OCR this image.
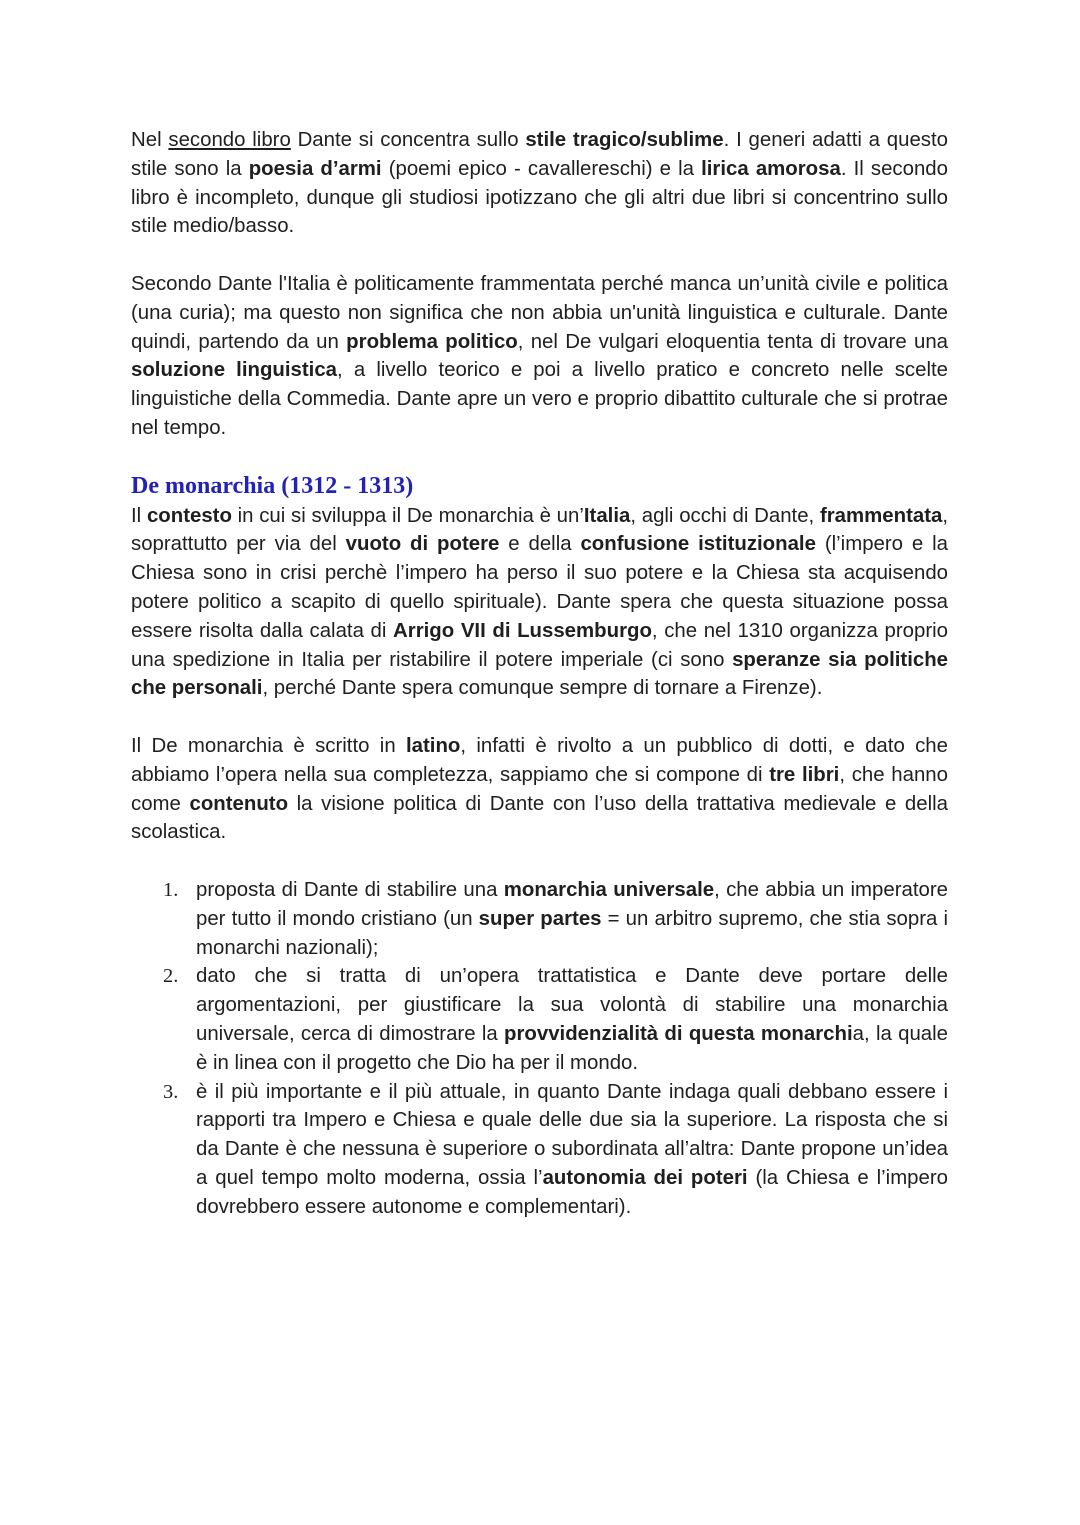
Nel secondo libro Dante si concentra sullo stile tragico/sublime. I generi adatti a questo stile sono la poesia d’armi (poemi epico - cavallereschi) e la lirica amorosa. Il secondo libro è incompleto, dunque gli studiosi ipotizzano che gli altri due libri si concentrino sullo stile medio/basso.

Secondo Dante l'Italia è politicamente frammentata perché manca un’unità civile e politica (una curia); ma questo non significa che non abbia un'unità linguistica e culturale. Dante quindi, partendo da un problema politico, nel De vulgari eloquentia tenta di trovare una soluzione linguistica, a livello teorico e poi a livello pratico e concreto nelle scelte linguistiche della Commedia. Dante apre un vero e proprio dibattito culturale che si protrae nel tempo.

De monarchia (1312 - 1313)

Il contesto in cui si sviluppa il De monarchia è un’Italia, agli occhi di Dante, frammentata, soprattutto per via del vuoto di potere e della confusione istituzionale (l’impero e la Chiesa sono in crisi perchè l’impero ha perso il suo potere e la Chiesa sta acquisendo potere politico a scapito di quello spirituale). Dante spera che questa situazione possa essere risolta dalla calata di Arrigo VII di Lussemburgo, che nel 1310 organizza proprio una spedizione in Italia per ristabilire il potere imperiale (ci sono speranze sia politiche che personali, perché Dante spera comunque sempre di tornare a Firenze).

Il De monarchia è scritto in latino, infatti è rivolto a un pubblico di dotti, e dato che abbiamo l’opera nella sua completezza, sappiamo che si compone di tre libri, che hanno come contenuto la visione politica di Dante con l’uso della trattativa medievale e della scolastica.

1. proposta di Dante di stabilire una monarchia universale, che abbia un imperatore per tutto il mondo cristiano (un super partes = un arbitro supremo, che stia sopra i monarchi nazionali);
2. dato che si tratta di un’opera trattatistica e Dante deve portare delle argomentazioni, per giustificare la sua volontà di stabilire una monarchia universale, cerca di dimostrare la provvidenzialità di questa monarchia, la quale è in linea con il progetto che Dio ha per il mondo.
3. è il più importante e il più attuale, in quanto Dante indaga quali debbano essere i rapporti tra Impero e Chiesa e quale delle due sia la superiore. La risposta che si da Dante è che nessuna è superiore o subordinata all’altra: Dante propone un’idea a quel tempo molto moderna, ossia l’autonomia dei poteri (la Chiesa e l’impero dovrebbero essere autonome e complementari).
